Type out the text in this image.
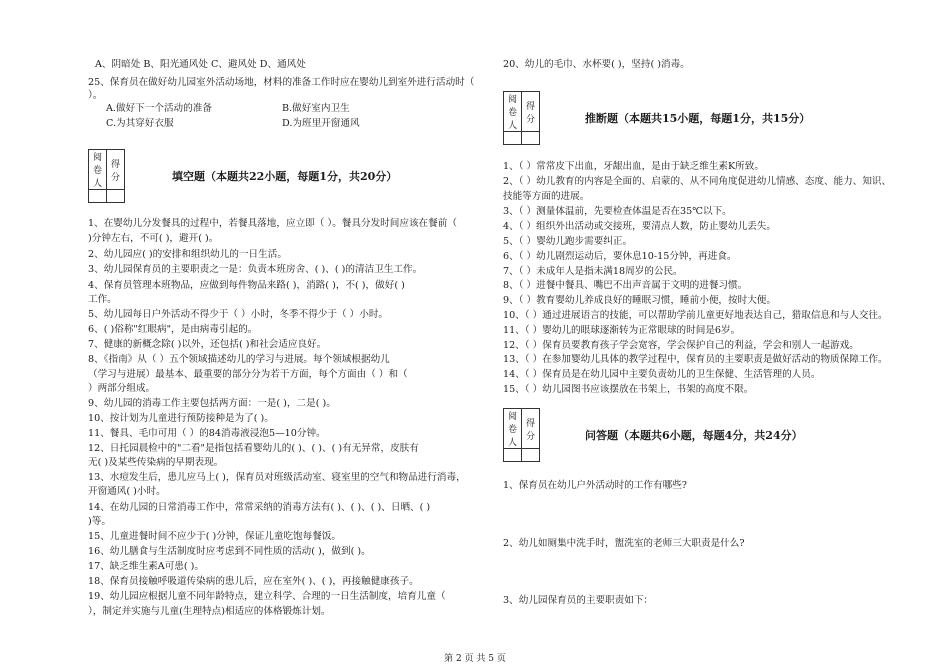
A、阴暗处 B、阳光通风处 C、避风处 D、通风处
25、保育员在做好幼儿园室外活动场地，材料的准备工作时应在婴幼儿到室外进行活动时（
）。
A.做好下一个活动的准备	B.做好室内卫生
C.为其穿好衣服	D.为班里开窗通风
阅卷人	得分
		填空题（本题共22小题，每题1分，共20分）
1、在婴幼儿分发餐具的过程中，若餐具落地，应立即（ ）。餐具分发时间应该在餐前（
)分钟左右，不可( )，避开( )。
2、幼儿园应( )的安排和组织幼儿的一日生活。
3、幼儿园保育员的主要职责之一是：负责本班房舍、( )、( )的清洁卫生工作。
4、保育员管理本班物品，应做到每件物品来路( )，消路( )，不( )，做好( )
工作。
5、幼儿园每日户外活动不得少于（ ）小时，冬季不得少于（ ）小时。
6、( )俗称"红眼病"，是由病毒引起的。
7、健康的新概念除( )以外，还包括( )和社会适应良好。
8、《指南》从（ ）五个领域描述幼儿的学习与进展。每个领域根据幼儿
（学习与进展）最基本、最重要的部分分为若干方面，每个方面由（ ）和（
）两部分组成。
9、幼儿园的消毒工作主要包括两方面：一是( )，二是( )。
10、按计划为儿童进行预防接种是为了( )。
11、餐具、毛巾可用（ ）的84消毒液浸泡5—10分钟。
12、日托园晨检中的"二看"是指包括看婴幼儿的( )、( )、( )有无异常，皮肤有
无( )及某些传染病的早期表现。
13、水痘发生后，患儿应马上( )，保育员对班级活动室、寝室里的空气和物品进行消毒，
开窗通风( )小时。
14、在幼儿园的日常消毒工作中，常常采纳的消毒方法有( )、( )、( )、日晒、( )
)等。
15、儿童进餐时间不应少于( )分钟，保证儿童吃饱每餐饭。
16、幼儿膳食与生活制度时应考虑到不同性质的活动( )，做到( )。
17、缺乏维生素A可患( )。
18、保育员接触呼吸道传染病的患儿后，应在室外( )、( )，再接触健康孩子。
19、幼儿园应根据儿童不同年龄特点，建立科学、合理的一日生活制度，培育儿童（
），制定并实施与儿童(生理特点)相适应的体格锻炼计划。
20、幼儿的毛巾、水杯要( )，坚持( )消毒。
阅卷人	得分
		推断题（本题共15小题，每题1分，共15分）
1、（ ）常常皮下出血，牙龈出血，是由于缺乏维生素K所致。
2、（ ）幼儿教育的内容是全面的、启蒙的、从不同角度促进幼儿情感、态度、能力、知识、
技能等方面的进展。
3、（ ）测量体温前，先要检查体温是否在35℃以下。
4、（ ）组织外出活动或交接班，要清点人数，防止婴幼儿丢失。
5、（ ）婴幼儿跑步需要纠正。
6、（ ）幼儿剧烈运动后，要休息10-15分钟，再进食。
7、（ ）未成年人是指未满18周岁的公民。
8、（ ）进餐中餐具、嘴巴不出声音属于文明的进餐习惯。
9、（ ）教育婴幼儿养成良好的睡眠习惯，睡前小便，按时大便。
10、（ ）通过进展语言的技能，可以帮助学前儿童更好地表达自己，猎取信息和与人交往。
11、（ ）婴幼儿的眼球逐渐转为正常眼球的时间是6岁。
12、（ ）保育员要教育孩子学会宽容，学会保护自己的利益，学会和别人一起游戏。
13、（ ）在参加婴幼儿具体的教学过程中，保育员的主要职责是做好活动的物质保障工作。
14、（ ）保育员是在幼儿园中主要负责幼儿的卫生保健、生活管理的人员。
15、（ ）幼儿园图书应该摆放在书架上，书架的高度不限。
阅卷人	得分
		问答题（本题共6小题，每题4分，共24分）
1、保育员在幼儿户外活动时的工作有哪些?
2、幼儿如厕集中洗手时，盥洗室的老师三大职责是什么?
3、幼儿园保育员的主要职责如下：
第 2 页 共 5 页
